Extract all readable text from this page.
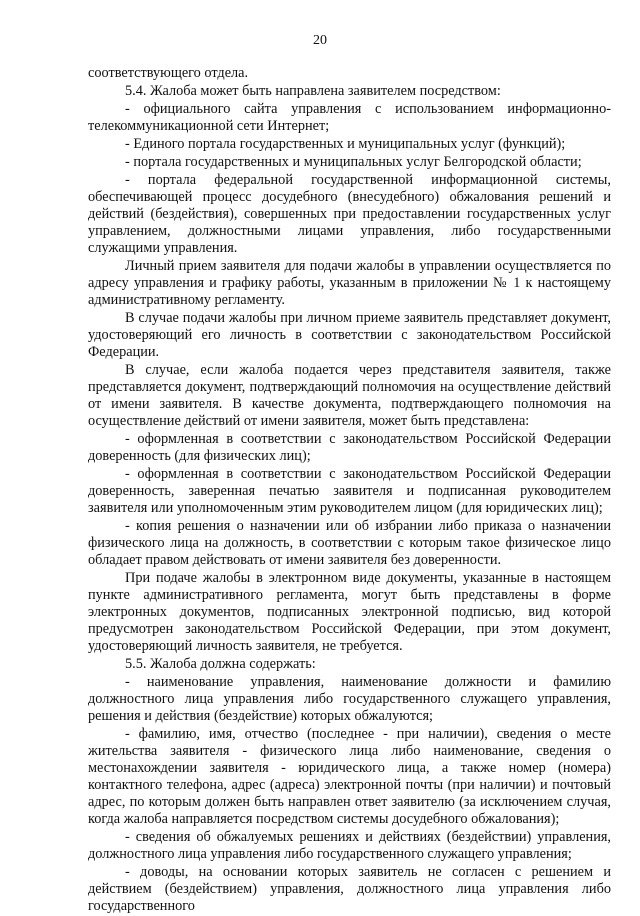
20

соответствующего отдела.

5.4. Жалоба может быть направлена заявителем посредством:

- официального сайта управления с использованием информационно-телекоммуникационной сети Интернет;

- Единого портала государственных и муниципальных услуг (функций);

- портала государственных и муниципальных услуг Белгородской области;

- портала федеральной государственной информационной системы, обеспечивающей процесс досудебного (внесудебного) обжалования решений и действий (бездействия), совершенных при предоставлении государственных услуг управлением, должностными лицами управления, либо государственными служащими управления.

Личный прием заявителя для подачи жалобы в управлении осуществляется по адресу управления и графику работы, указанным в приложении № 1 к настоящему административному регламенту.

В случае подачи жалобы при личном приеме заявитель представляет документ, удостоверяющий его личность в соответствии с законодательством Российской Федерации.

В случае, если жалоба подается через представителя заявителя, также представляется документ, подтверждающий полномочия на осуществление действий от имени заявителя. В качестве документа, подтверждающего полномочия на осуществление действий от имени заявителя, может быть представлена:

- оформленная в соответствии с законодательством Российской Федерации доверенность (для физических лиц);

- оформленная в соответствии с законодательством Российской Федерации доверенность, заверенная печатью заявителя и подписанная руководителем заявителя или уполномоченным этим руководителем лицом (для юридических лиц);

- копия решения о назначении или об избрании либо приказа о назначении физического лица на должность, в соответствии с которым такое физическое лицо обладает правом действовать от имени заявителя без доверенности.

При подаче жалобы в электронном виде документы, указанные в настоящем пункте административного регламента, могут быть представлены в форме электронных документов, подписанных электронной подписью, вид которой предусмотрен законодательством Российской Федерации, при этом документ, удостоверяющий личность заявителя, не требуется.

5.5. Жалоба должна содержать:

- наименование управления, наименование должности и фамилию должностного лица управления либо государственного служащего управления, решения и действия (бездействие) которых обжалуются;

- фамилию, имя, отчество (последнее - при наличии), сведения о месте жительства заявителя - физического лица либо наименование, сведения о местонахождении заявителя - юридического лица, а также номер (номера) контактного телефона, адрес (адреса) электронной почты (при наличии) и почтовый адрес, по которым должен быть направлен ответ заявителю (за исключением случая, когда жалоба направляется посредством системы досудебного обжалования);

- сведения об обжалуемых решениях и действиях (бездействии) управления, должностного лица управления либо государственного служащего управления;

- доводы, на основании которых заявитель не согласен с решением и действием (бездействием) управления, должностного лица управления либо государственного
